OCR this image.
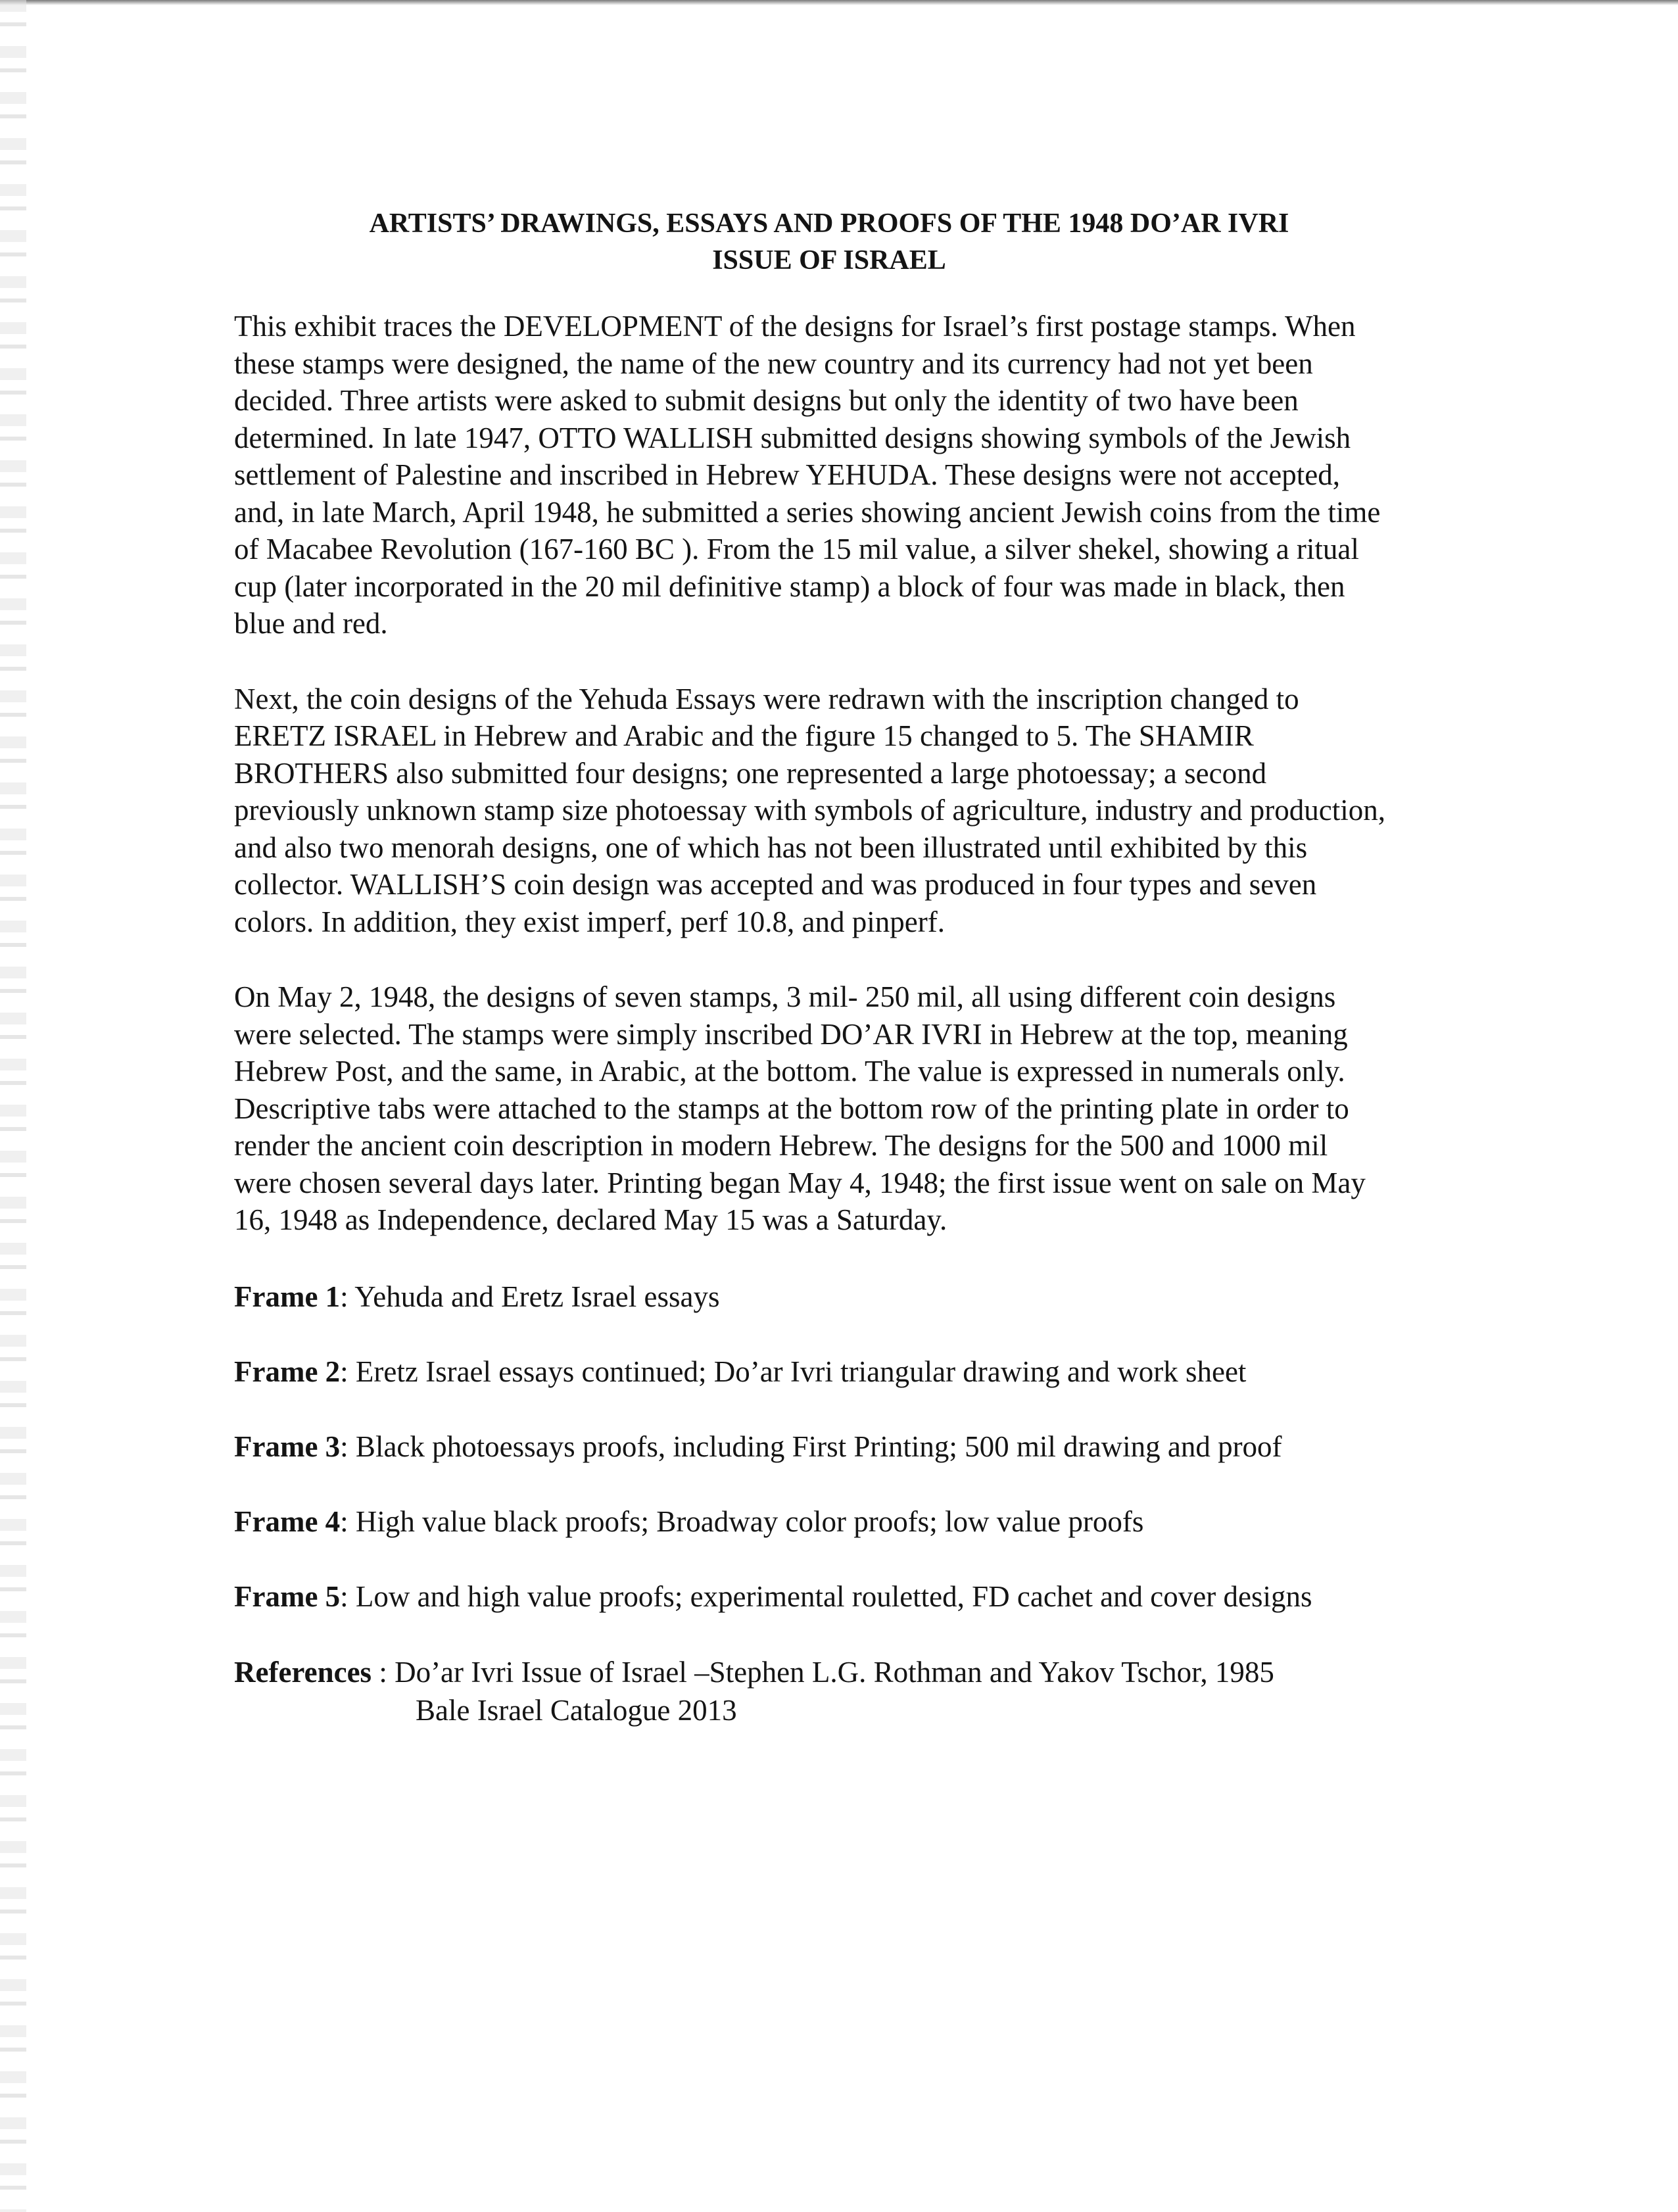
ARTISTS’ DRAWINGS, ESSAYS AND PROOFS OF THE 1948 DO’AR IVRI
ISSUE OF ISRAEL

This exhibit traces the DEVELOPMENT of the designs for Israel’s first postage stamps. When
these stamps were designed, the name of the new country and its currency had not yet been
decided. Three artists were asked to submit designs but only the identity of two have been
determined. In late 1947, OTTO WALLISH submitted designs showing symbols of the Jewish
settlement of Palestine and inscribed in Hebrew YEHUDA. These designs were not accepted,
and, in late March, April 1948, he submitted a series showing ancient Jewish coins from the time
of Macabee Revolution (167-160 BC ). From the 15 mil value, a silver shekel, showing a ritual
cup (later incorporated in the 20 mil definitive stamp) a block of four was made in black, then
blue and red.

Next, the coin designs of the Yehuda Essays were redrawn with the inscription changed to
ERETZ ISRAEL in Hebrew and Arabic and the figure 15 changed to 5. The SHAMIR
BROTHERS also submitted four designs; one represented a large photoessay; a second
previously unknown stamp size photoessay with symbols of agriculture, industry and production,
and also two menorah designs, one of which has not been illustrated until exhibited by this
collector. WALLISH’S coin design was accepted and was produced in four types and seven
colors. In addition, they exist imperf, perf 10.8, and pinperf.

On May 2, 1948, the designs of seven stamps, 3 mil- 250 mil, all using different coin designs
were selected. The stamps were simply inscribed DO’AR IVRI in Hebrew at the top, meaning
Hebrew Post, and the same, in Arabic, at the bottom. The value is expressed in numerals only.
Descriptive tabs were attached to the stamps at the bottom row of the printing plate in order to
render the ancient coin description in modern Hebrew. The designs for the 500 and 1000 mil
were chosen several days later. Printing began May 4, 1948; the first issue went on sale on May
16, 1948 as Independence, declared May 15 was a Saturday.

Frame 1: Yehuda and Eretz Israel essays
Frame 2: Eretz Israel essays continued; Do’ar Ivri triangular drawing and work sheet
Frame 3: Black photoessays proofs, including First Printing; 500 mil drawing and proof
Frame 4: High value black proofs; Broadway color proofs; low value proofs
Frame 5: Low and high value proofs; experimental rouletted, FD cachet and cover designs
References : Do’ar Ivri Issue of Israel –Stephen L.G. Rothman and Yakov Tschor, 1985
Bale Israel Catalogue 2013
